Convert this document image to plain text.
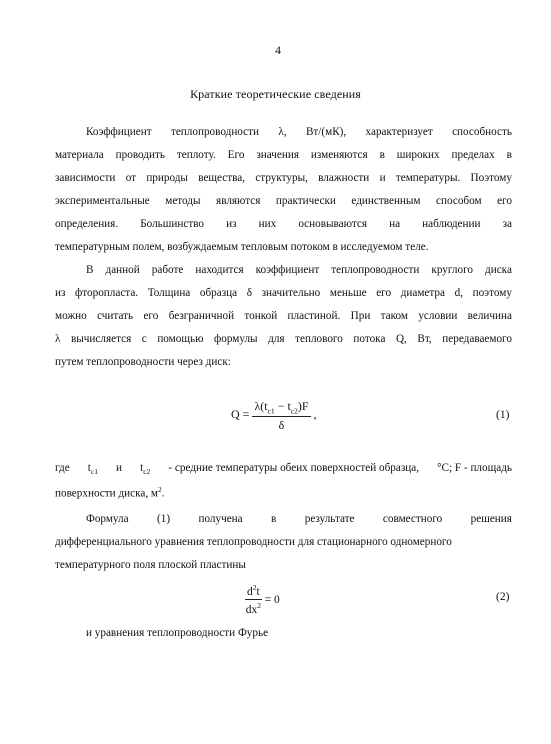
4
Краткие теоретические сведения
Коэффициент теплопроводности λ, Вт/(мК), характеризует способность
материала проводить теплоту. Его значения изменяются в широких пределах в
зависимости от природы вещества, структуры, влажности и температуры. Поэтому
экспериментальные методы являются практически единственным способом его
определения. Большинство из них основываются на наблюдении за
температурным полем, возбуждаемым тепловым потоком в исследуемом теле.
В данной работе находится коэффициент теплопроводности круглого диска
из фторопласта. Толщина образца δ значительно меньше его диаметра d, поэтому
можно считать его безграничной тонкой пластиной. При таком условии величина
λ вычисляется с помощью формулы для теплового потока Q, Вт, передаваемого
путем теплопроводности через диск:
$Q = \frac{\lambda(t_{c1} - t_{c2})F}{\delta}$ ,	(1)
где $t_{c1}$ и $t_{c2}$ - средние температуры обеих поверхностей образца, °С; F - площадь
поверхности диска, $м^2$.
Формула	(1)	получена	в	результате	совместного	решения
дифференциального уравнения теплопроводности для стационарного одномерного
температурного поля плоской пластины
$\frac{d^2t}{dx^2} = 0$	(2)
и уравнения теплопроводности Фурье
